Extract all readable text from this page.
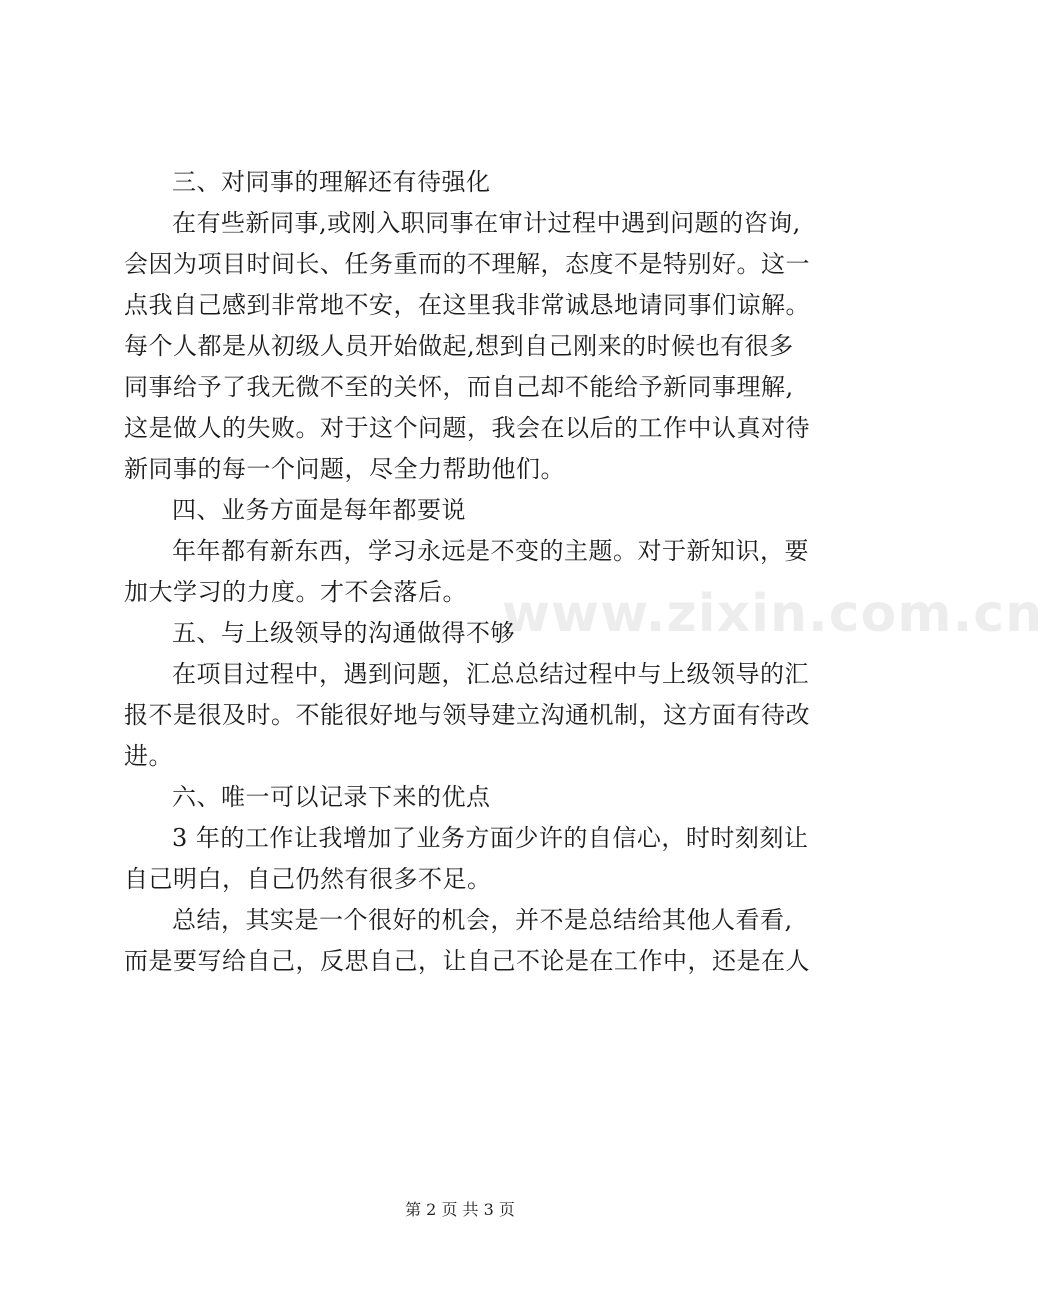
三、对同事的理解还有待强化
在有些新同事,或刚入职同事在审计过程中遇到问题的咨询,
会因为项目时间长、任务重而的不理解，态度不是特别好。这一
点我自己感到非常地不安，在这里我非常诚恳地请同事们谅解。
每个人都是从初级人员开始做起,想到自己刚来的时候也有很多
同事给予了我无微不至的关怀，而自己却不能给予新同事理解,
这是做人的失败。对于这个问题，我会在以后的工作中认真对待
新同事的每一个问题，尽全力帮助他们。
四、业务方面是每年都要说
年年都有新东西，学习永远是不变的主题。对于新知识，要
加大学习的力度。才不会落后。
五、与上级领导的沟通做得不够
在项目过程中，遇到问题，汇总总结过程中与上级领导的汇
报不是很及时。不能很好地与领导建立沟通机制，这方面有待改
进。
六、唯一可以记录下来的优点
3 年的工作让我增加了业务方面少许的自信心，时时刻刻让
自己明白，自己仍然有很多不足。
总结，其实是一个很好的机会，并不是总结给其他人看看,
而是要写给自己，反思自己，让自己不论是在工作中，还是在人
www.zixin.com.cn
第 2 页 共 3 页
